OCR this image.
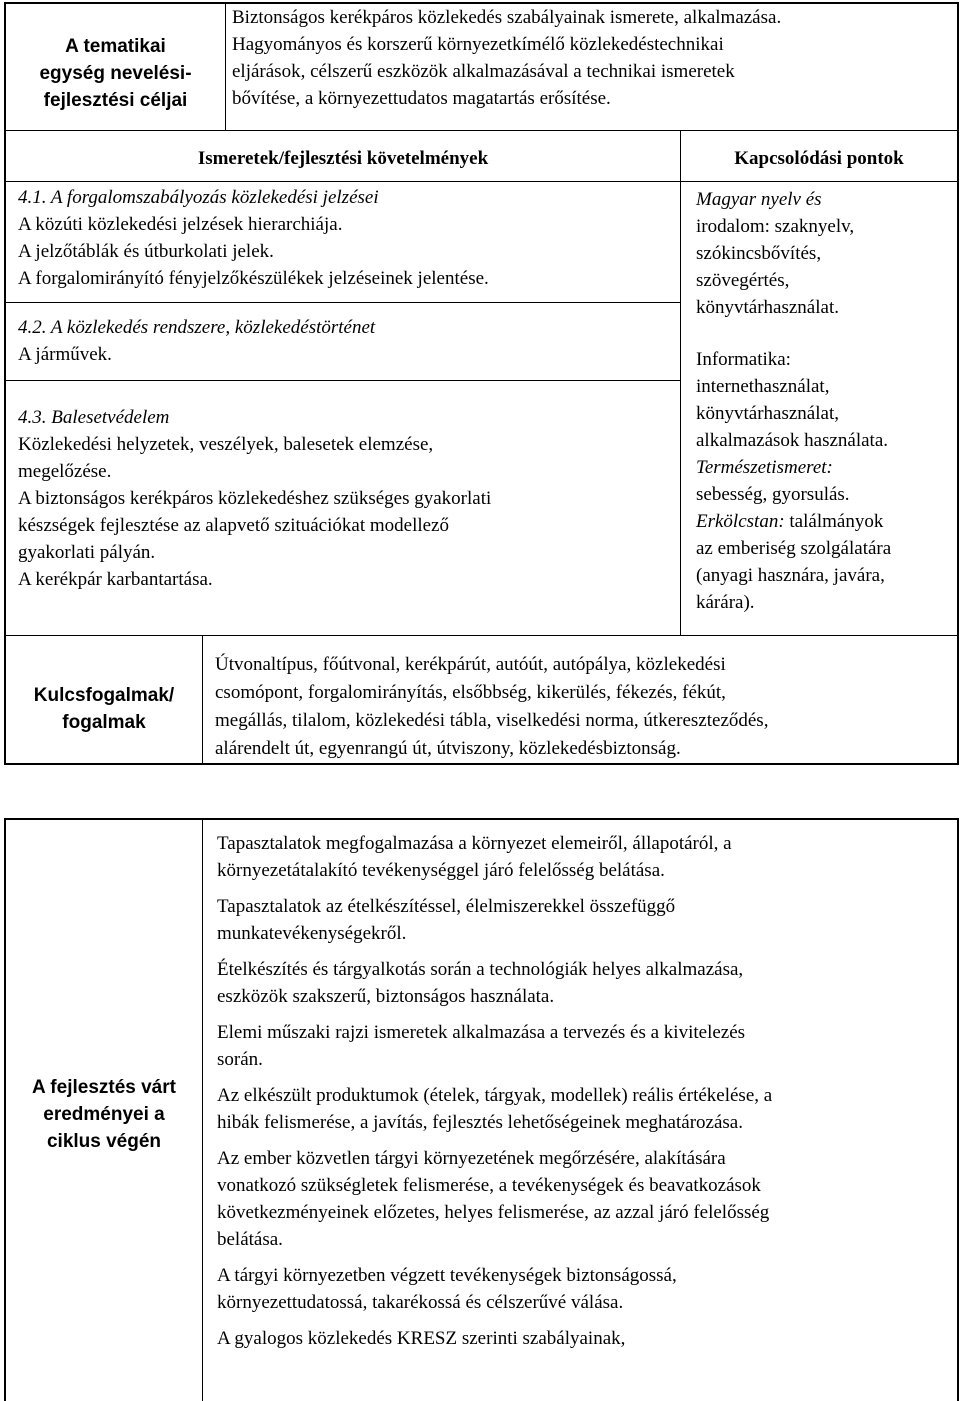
A tematikai
egység nevelési-
fejlesztési céljai
Biztonságos kerékpáros közlekedés szabályainak ismerete, alkalmazása.
Hagyományos és korszerű környezetkímélő közlekedéstechnikai
eljárások, célszerű eszközök alkalmazásával a technikai ismeretek
bővítése, a környezettudatos magatartás erősítése.
Ismeretek/fejlesztési követelmények	Kapcsolódási pontok
4.1. A forgalomszabályozás közlekedési jelzései
A közúti közlekedési jelzések hierarchiája.
A jelzőtáblák és útburkolati jelek.
A forgalomirányító fényjelzőkészülékek jelzéseinek jelentése.
4.2. A közlekedés rendszere, közlekedéstörténet
A járművek.
4.3. Balesetvédelem
Közlekedési helyzetek, veszélyek, balesetek elemzése,
megelőzése.
A biztonságos kerékpáros közlekedéshez szükséges gyakorlati
készségek fejlesztése az alapvető szituációkat modellező
gyakorlati pályán.
A kerékpár karbantartása.
Magyar nyelv és
irodalom: szaknyelv,
szókincsbővítés,
szövegértés,
könyvtárhasználat.
Informatika:
internethasználat,
könyvtárhasználat,
alkalmazások használata.
Természetismeret:
sebesség, gyorsulás.
Erkölcstan: találmányok
az emberiség szolgálatára
(anyagi hasznára, javára,
kárára).
Kulcsfogalmak/
fogalmak
Útvonaltípus, főútvonal, kerékpárút, autóút, autópálya, közlekedési
csomópont, forgalomirányítás, elsőbbség, kikerülés, fékezés, fékút,
megállás, tilalom, közlekedési tábla, viselkedési norma, útkereszteződés,
alárendelt út, egyenrangú út, útviszony, közlekedésbiztonság.
A fejlesztés várt
eredményei a
ciklus végén
Tapasztalatok megfogalmazása a környezet elemeiről, állapotáról, a
környezetátalakító tevékenységgel járó felelősség belátása.
Tapasztalatok az ételkészítéssel, élelmiszerekkel összefüggő
munkatevékenységekről.
Ételkészítés és tárgyalkotás során a technológiák helyes alkalmazása,
eszközök szakszerű, biztonságos használata.
Elemi műszaki rajzi ismeretek alkalmazása a tervezés és a kivitelezés
során.
Az elkészült produktumok (ételek, tárgyak, modellek) reális értékelése, a
hibák felismerése, a javítás, fejlesztés lehetőségeinek meghatározása.
Az ember közvetlen tárgyi környezetének megőrzésére, alakítására
vonatkozó szükségletek felismerése, a tevékenységek és beavatkozások
következményeinek előzetes, helyes felismerése, az azzal járó felelősség
belátása.
A tárgyi környezetben végzett tevékenységek biztonságossá,
környezettudatossá, takarékossá és célszerűvé válása.
A gyalogos közlekedés KRESZ szerinti szabályainak,
